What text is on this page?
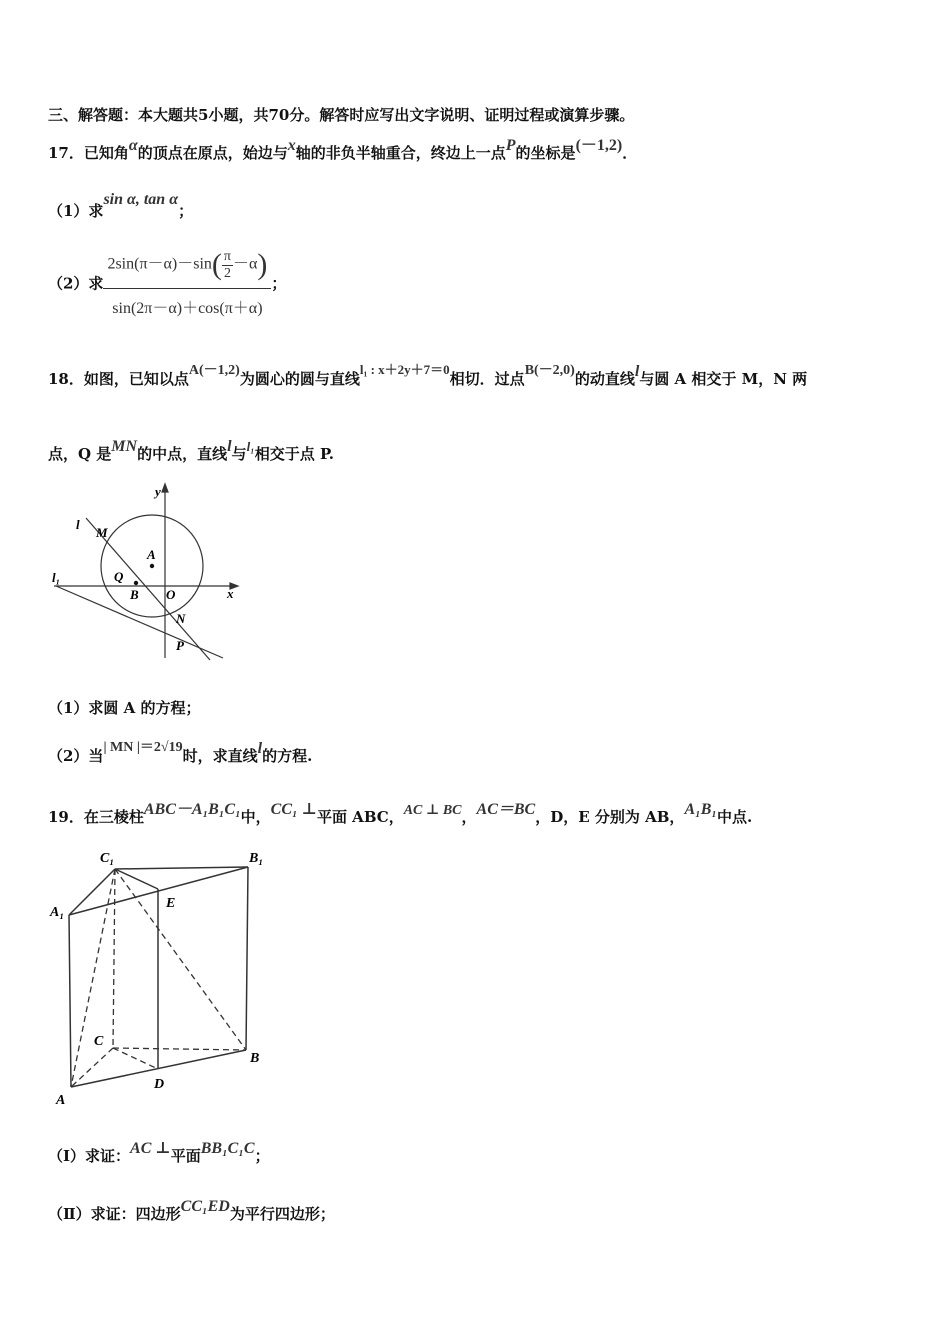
三、解答题：本大题共5小题，共70分。解答时应写出文字说明、证明过程或演算步骤。
17．已知角α的顶点在原点，始边与x轴的非负半轴重合，终边上一点P的坐标是(－1,2)．
（1）求sin α, tan α；
（2）求 $\frac{2\sin(\pi-\alpha)-\sin( \frac{\pi}{2}-\alpha)}{\sin(2\pi-\alpha)+\cos(\pi+\alpha)}$ ；
18．如图，已知以点A(－1,2)为圆心的圆与直线l₁ : x＋2y＋7＝0相切．过点B(－2,0)的动直线l与圆 A 相交于 M，N 两
点，Q 是MN的中点，直线l与l₁相交于点 P.
y
x
l
M
A
l₁	Q
B O
N
P
（1）求圆 A 的方程；
（2）当| MN |＝2√19时，求直线l的方程.
19．在三棱柱ABC－A₁B₁C₁中，CC₁ ⊥平面 ABC，AC ⊥ BC，AC＝BC，D，E 分别为 AB，A₁B₁中点.
C₁	B₁
A₁
E
C
B
A
D
（Ⅰ）求证：AC ⊥平面BB₁C₁C；
（Ⅱ）求证：四边形CC₁ED为平行四边形；
